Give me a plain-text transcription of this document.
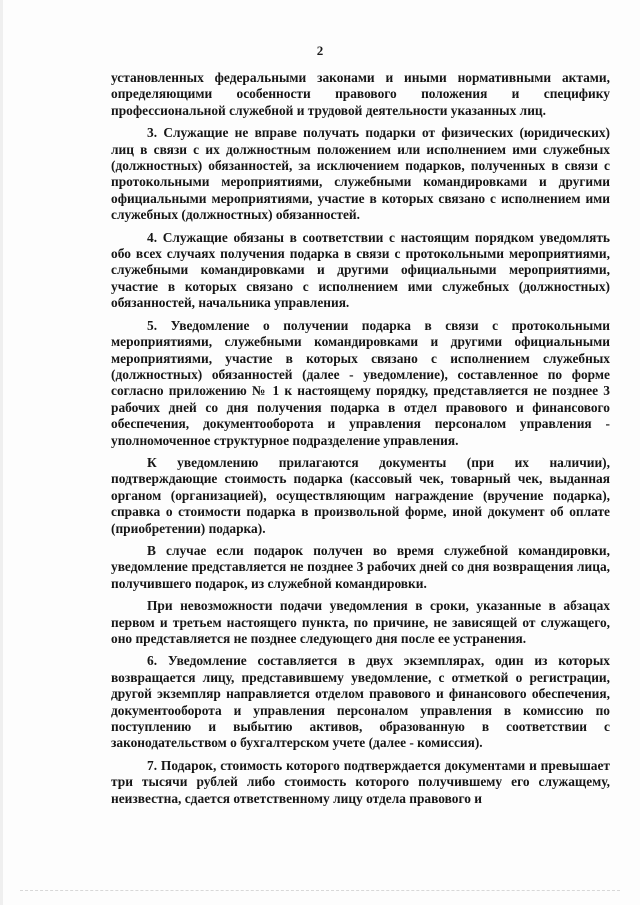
2

установленных федеральными законами и иными нормативными актами, определяющими особенности правового положения и специфику профессиональной служебной и трудовой деятельности указанных лиц.

3. Служащие не вправе получать подарки от физических (юридических) лиц в связи с их должностным положением или исполнением ими служебных (должностных) обязанностей, за исключением подарков, полученных в связи с протокольными мероприятиями, служебными командировками и другими официальными мероприятиями, участие в которых связано с исполнением ими служебных (должностных) обязанностей.

4. Служащие обязаны в соответствии с настоящим порядком уведомлять обо всех случаях получения подарка в связи с протокольными мероприятиями, служебными командировками и другими официальными мероприятиями, участие в которых связано с исполнением ими служебных (должностных) обязанностей, начальника управления.

5. Уведомление о получении подарка в связи с протокольными мероприятиями, служебными командировками и другими официальными мероприятиями, участие в которых связано с исполнением служебных (должностных) обязанностей (далее - уведомление), составленное по форме согласно приложению № 1 к настоящему порядку, представляется не позднее 3 рабочих дней со дня получения подарка в отдел правового и финансового обеспечения, документооборота и управления персоналом управления - уполномоченное структурное подразделение управления.

К уведомлению прилагаются документы (при их наличии), подтверждающие стоимость подарка (кассовый чек, товарный чек, выданная органом (организацией), осуществляющим награждение (вручение подарка), справка о стоимости подарка в произвольной форме, иной документ об оплате (приобретении) подарка).

В случае если подарок получен во время служебной командировки, уведомление представляется не позднее 3 рабочих дней со дня возвращения лица, получившего подарок, из служебной командировки.

При невозможности подачи уведомления в сроки, указанные в абзацах первом и третьем настоящего пункта, по причине, не зависящей от служащего, оно представляется не позднее следующего дня после ее устранения.

6. Уведомление составляется в двух экземплярах, один из которых возвращается лицу, представившему уведомление, с отметкой о регистрации, другой экземпляр направляется отделом правового и финансового обеспечения, документооборота и управления персоналом управления в комиссию по поступлению и выбытию активов, образованную в соответствии с законодательством о бухгалтерском учете (далее - комиссия).

7. Подарок, стоимость которого подтверждается документами и превышает три тысячи рублей либо стоимость которого получившему его служащему, неизвестна, сдается ответственному лицу отдела правового и
